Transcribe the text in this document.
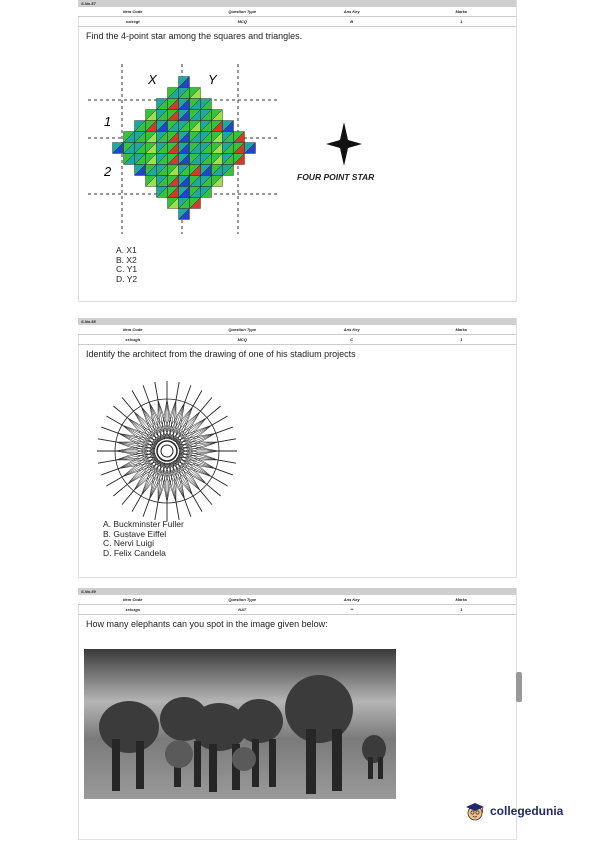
S.No.57
Item Code	Question Type	Ans Key	Marks
xxlxxgt	MCQ	B	1
Find the 4-point star among the squares and triangles.
X	Y
1
2	FOUR POINT STAR
A. X1
B. X2
C. Y1
D. Y2
S.No.58
Item Code	Question Type	Ans Key	Marks
xxlxxgh	MCQ	C	1
Identify the architect from the drawing of one of his stadium projects
A. Buckminster Fuller
B. Gustave Eiffel
C. Nervi Luigi
D. Felix Candela
S.No.59
Item Code	Question Type	Ans Key	Marks
xxlxxgs	NAT	**	1
How many elephants can you spot in the image given below:
collegedunia
